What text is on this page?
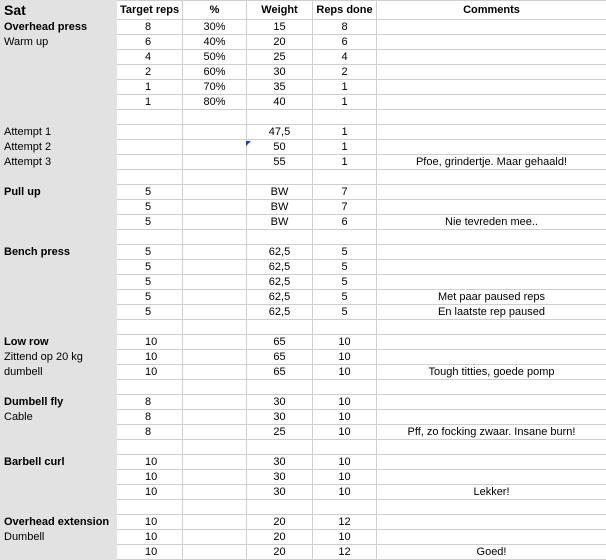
Sat	Target reps	%	Weight	Reps done	Comments
Overhead press	8	30%	15	8	
Warm up	6	40%	20	6	
	4	50%	25	4	
	2	60%	30	2	
	1	70%	35	1	
	1	80%	40	1	

Attempt 1			47,5	1	
Attempt 2			50	1	
Attempt 3			55	1	Pfoe, grindertje. Maar gehaald!

Pull up	5		BW	7	
	5		BW	7	
	5		BW	6	Nie tevreden mee..

Bench press	5		62,5	5	
	5		62,5	5	
	5		62,5	5	
	5		62,5	5	Met paar paused reps
	5		62,5	5	En laatste rep paused

Low row	10		65	10	
Zittend op 20 kg	10		65	10	
dumbell	10		65	10	Tough titties, goede pomp

Dumbell fly	8		30	10	
Cable	8		30	10	
	8		25	10	Pff, zo focking zwaar. Insane burn!

Barbell curl	10		30	10	
	10		30	10	
	10		30	10	Lekker!

Overhead extension	10		20	12	
Dumbell	10		20	10	
	10		20	12	Goed!
